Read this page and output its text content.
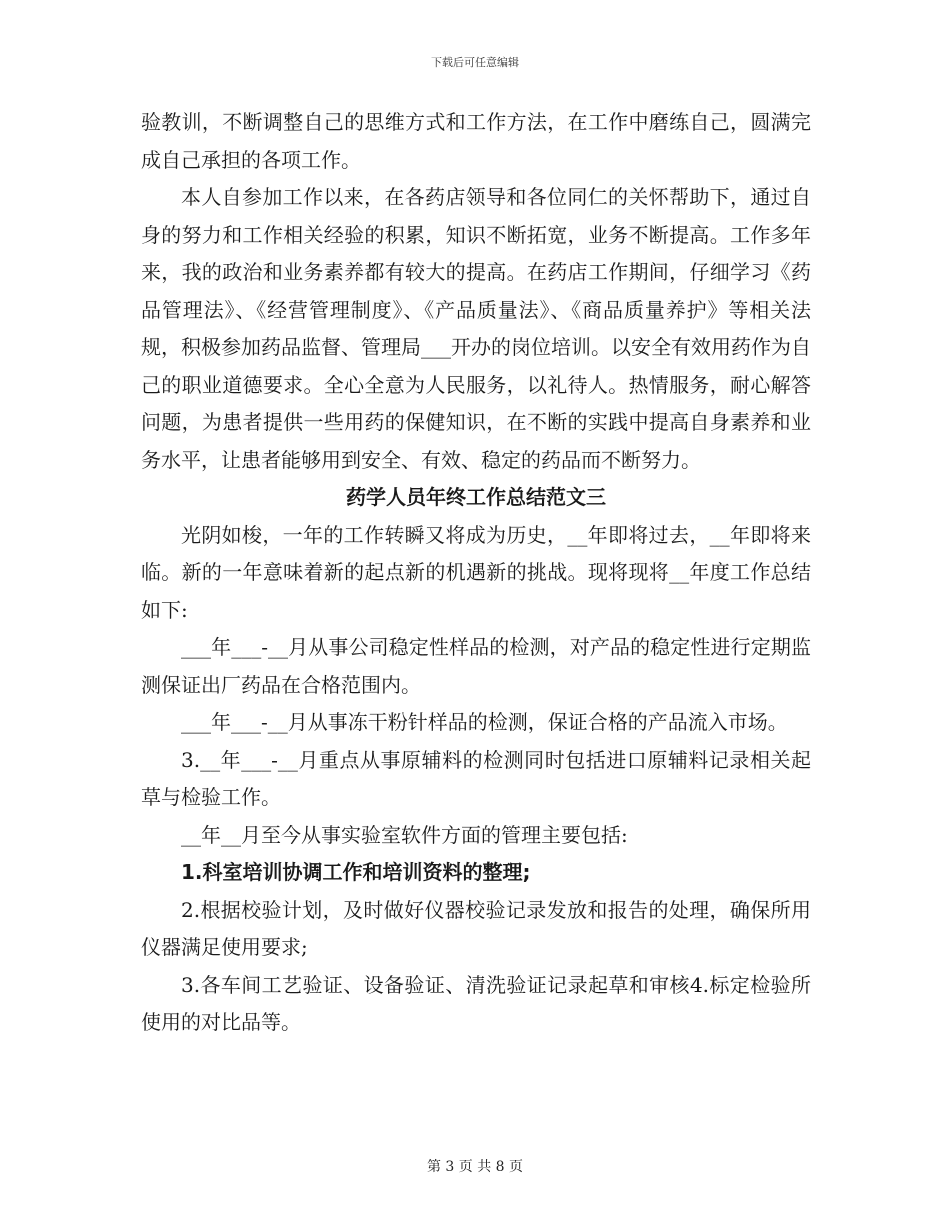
下载后可任意编辑

验教训，不断调整自己的思维方式和工作方法，在工作中磨练自己，圆满完成自己承担的各项工作。

本人自参加工作以来，在各药店领导和各位同仁的关怀帮助下，通过自身的努力和工作相关经验的积累，知识不断拓宽，业务不断提高。工作多年来，我的政治和业务素养都有较大的提高。在药店工作期间，仔细学习《药品管理法》、《经营管理制度》、《产品质量法》、《商品质量养护》等相关法规，积极参加药品监督、管理局___开办的岗位培训。以安全有效用药作为自己的职业道德要求。全心全意为人民服务，以礼待人。热情服务，耐心解答问题，为患者提供一些用药的保健知识，在不断的实践中提高自身素养和业务水平，让患者能够用到安全、有效、稳定的药品而不断努力。

药学人员年终工作总结范文三

光阴如梭，一年的工作转瞬又将成为历史，__年即将过去，__年即将来临。新的一年意味着新的起点新的机遇新的挑战。现将现将__年度工作总结如下:

___年___-__月从事公司稳定性样品的检测，对产品的稳定性进行定期监测保证出厂药品在合格范围内。

___年___-__月从事冻干粉针样品的检测，保证合格的产品流入市场。

3.__年___-__月重点从事原辅料的检测同时包括进口原辅料记录相关起草与检验工作。

__年__月至今从事实验室软件方面的管理主要包括:

1.科室培训协调工作和培训资料的整理;

2.根据校验计划，及时做好仪器校验记录发放和报告的处理，确保所用仪器满足使用要求;

3.各车间工艺验证、设备验证、清洗验证记录起草和审核4.标定检验所使用的对比品等。

第 3 页 共 8 页
